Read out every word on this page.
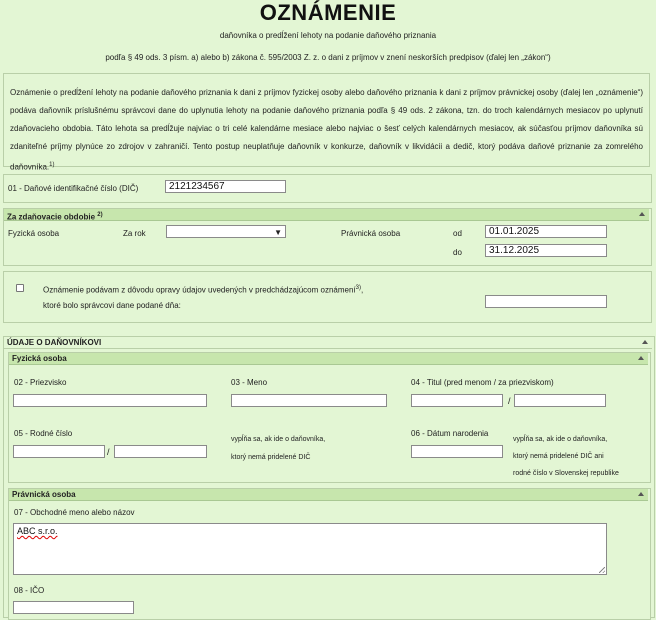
OZNÁMENIE
daňovníka o predĺžení lehoty na podanie daňového priznania
podľa § 49 ods. 3 písm. a) alebo b) zákona č. 595/2003 Z. z. o dani z príjmov v znení neskorších predpisov (ďalej len „zákon“)
Oznámenie o predĺžení lehoty na podanie daňového priznania k dani z príjmov fyzickej osoby alebo daňového priznania k dani z príjmov právnickej osoby (ďalej len „oznámenie“) podáva daňovník príslušnému správcovi dane do uplynutia lehoty na podanie daňového priznania podľa § 49 ods. 2 zákona, tzn. do troch kalendárnych mesiacov po uplynutí zdaňovacieho obdobia. Táto lehota sa predĺžuje najviac o tri celé kalendárne mesiace alebo najviac o šesť celých kalendárnych mesiacov, ak súčasťou príjmov daňovníka sú zdaniteľné príjmy plynúce zo zdrojov v zahraničí. Tento postup neuplatňuje daňovník v konkurze, daňovník v likvidácii a dedič, ktorý podáva daňové priznanie za zomrelého daňovníka.$^{1)}$
01 - Daňové identifikačné číslo (DIČ)	2121234567
Za zdaňovacie obdobie $^{2)}$
Fyzická osoba	Za rok	▼	Právnická osoba	od	01.01.2025
do	31.12.2025
Oznámenie podávam z dôvodu opravy údajov uvedených v predchádzajúcom oznámení$^{3)}$,
ktoré bolo správcovi dane podané dňa:
ÚDAJE O DAŇOVNÍKOVI
Fyzická osoba
02 - Priezvisko	03 - Meno	04 - Titul (pred menom / za priezviskom)
/
05 - Rodné číslo
/
vypĺňa sa, ak ide o daňovníka,
ktorý nemá pridelené DIČ
06 - Dátum narodenia
vypĺňa sa, ak ide o daňovníka,
ktorý nemá pridelené DIČ ani
rodné číslo v Slovenskej republike
Právnická osoba
07 - Obchodné meno alebo názov
ABC s.r.o.
08 - IČO
